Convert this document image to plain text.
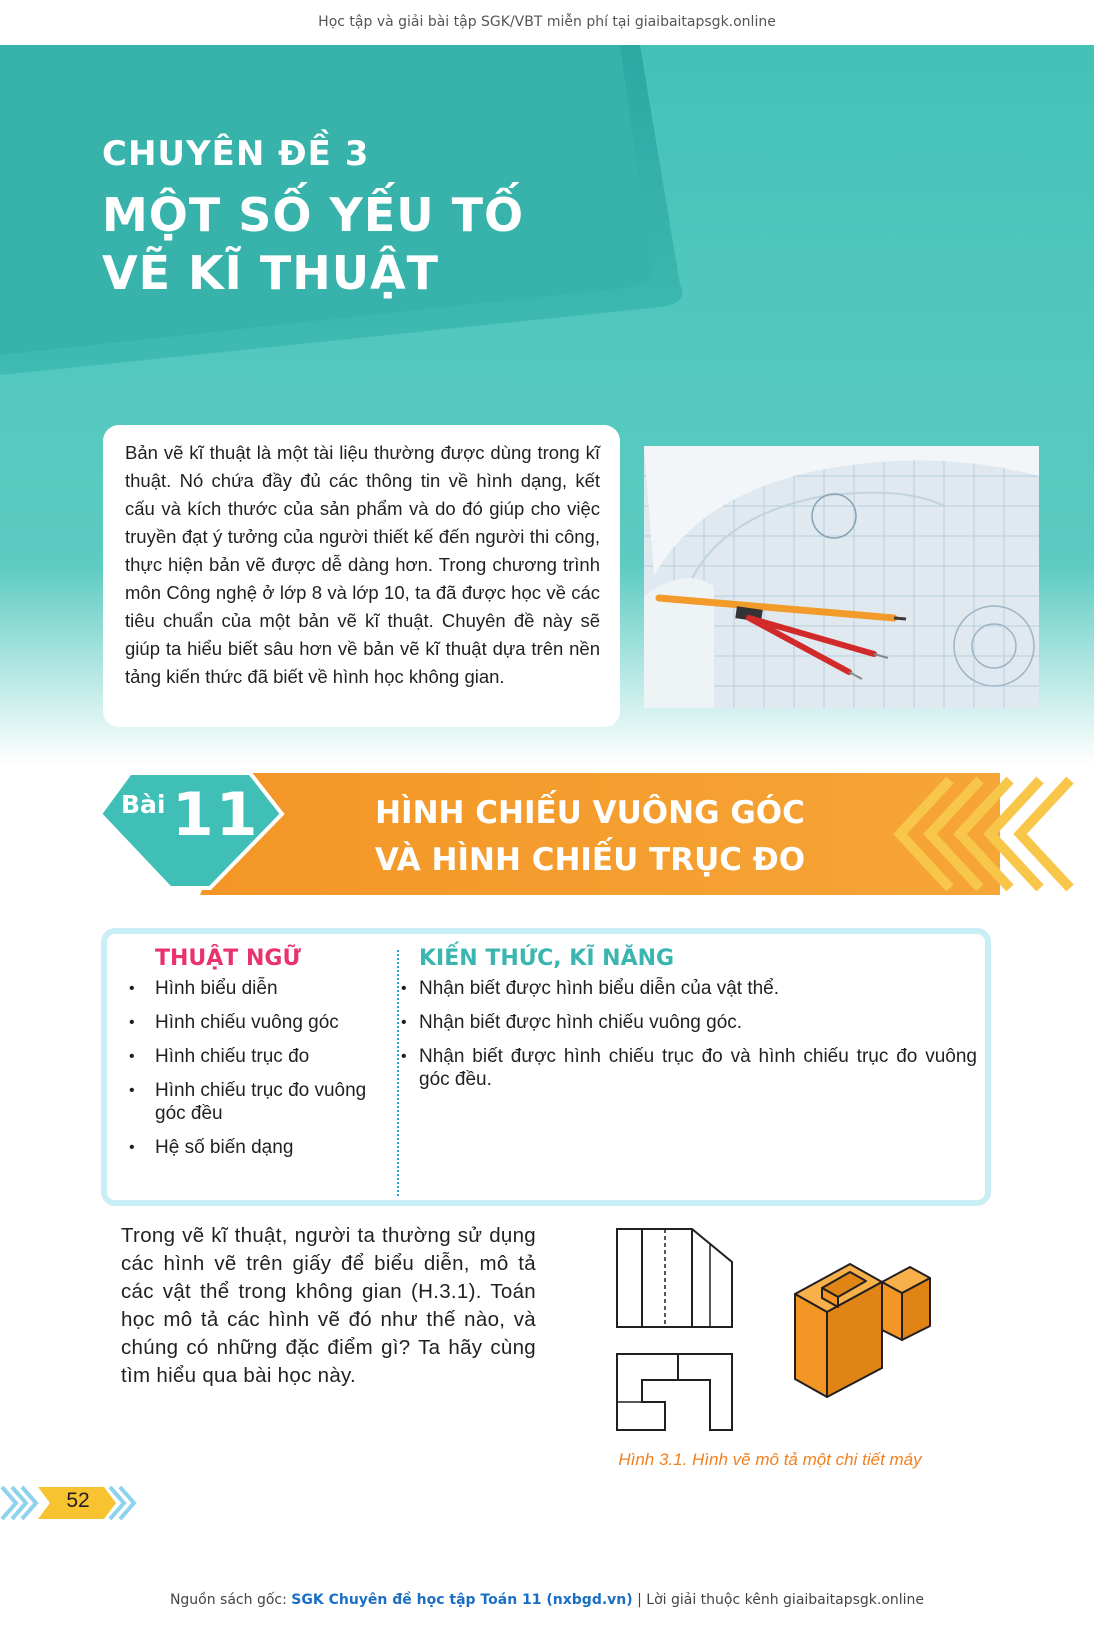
Học tập và giải bài tập SGK/VBT miễn phí tại giaibaitapsgk.online
CHUYÊN ĐỀ 3
MỘT SỐ YẾU TỐ
VẼ KĨ THUẬT
Bản vẽ kĩ thuật là một tài liệu thường được dùng trong kĩ thuật. Nó chứa đầy đủ các thông tin về hình dạng, kết cấu và kích thước của sản phẩm và do đó giúp cho việc truyền đạt ý tưởng của người thiết kế đến người thi công, thực hiện bản vẽ được dễ dàng hơn. Trong chương trình môn Công nghệ ở lớp 8 và lớp 10, ta đã được học về các tiêu chuẩn của một bản vẽ kĩ thuật. Chuyên đề này sẽ giúp ta hiểu biết sâu hơn về bản vẽ kĩ thuật dựa trên nền tảng kiến thức đã biết về hình học không gian.
Bài 11	HÌNH CHIẾU VUÔNG GÓC
VÀ HÌNH CHIẾU TRỤC ĐO
THUẬT NGỮ
• Hình biểu diễn
• Hình chiếu vuông góc
• Hình chiếu trục đo
• Hình chiếu trục đo vuông góc đều
• Hệ số biến dạng
KIẾN THỨC, KĨ NĂNG
• Nhận biết được hình biểu diễn của vật thể.
• Nhận biết được hình chiếu vuông góc.
• Nhận biết được hình chiếu trục đo và hình chiếu trục đo vuông góc đều.
Trong vẽ kĩ thuật, người ta thường sử dụng các hình vẽ trên giấy để biểu diễn, mô tả các vật thể trong không gian (H.3.1). Toán học mô tả các hình vẽ đó như thế nào, và chúng có những đặc điểm gì? Ta hãy cùng tìm hiểu qua bài học này.
Hình 3.1. Hình vẽ mô tả một chi tiết máy
52
Nguồn sách gốc: SGK Chuyên đề học tập Toán 11 (nxbgd.vn) | Lời giải thuộc kênh giaibaitapsgk.online
